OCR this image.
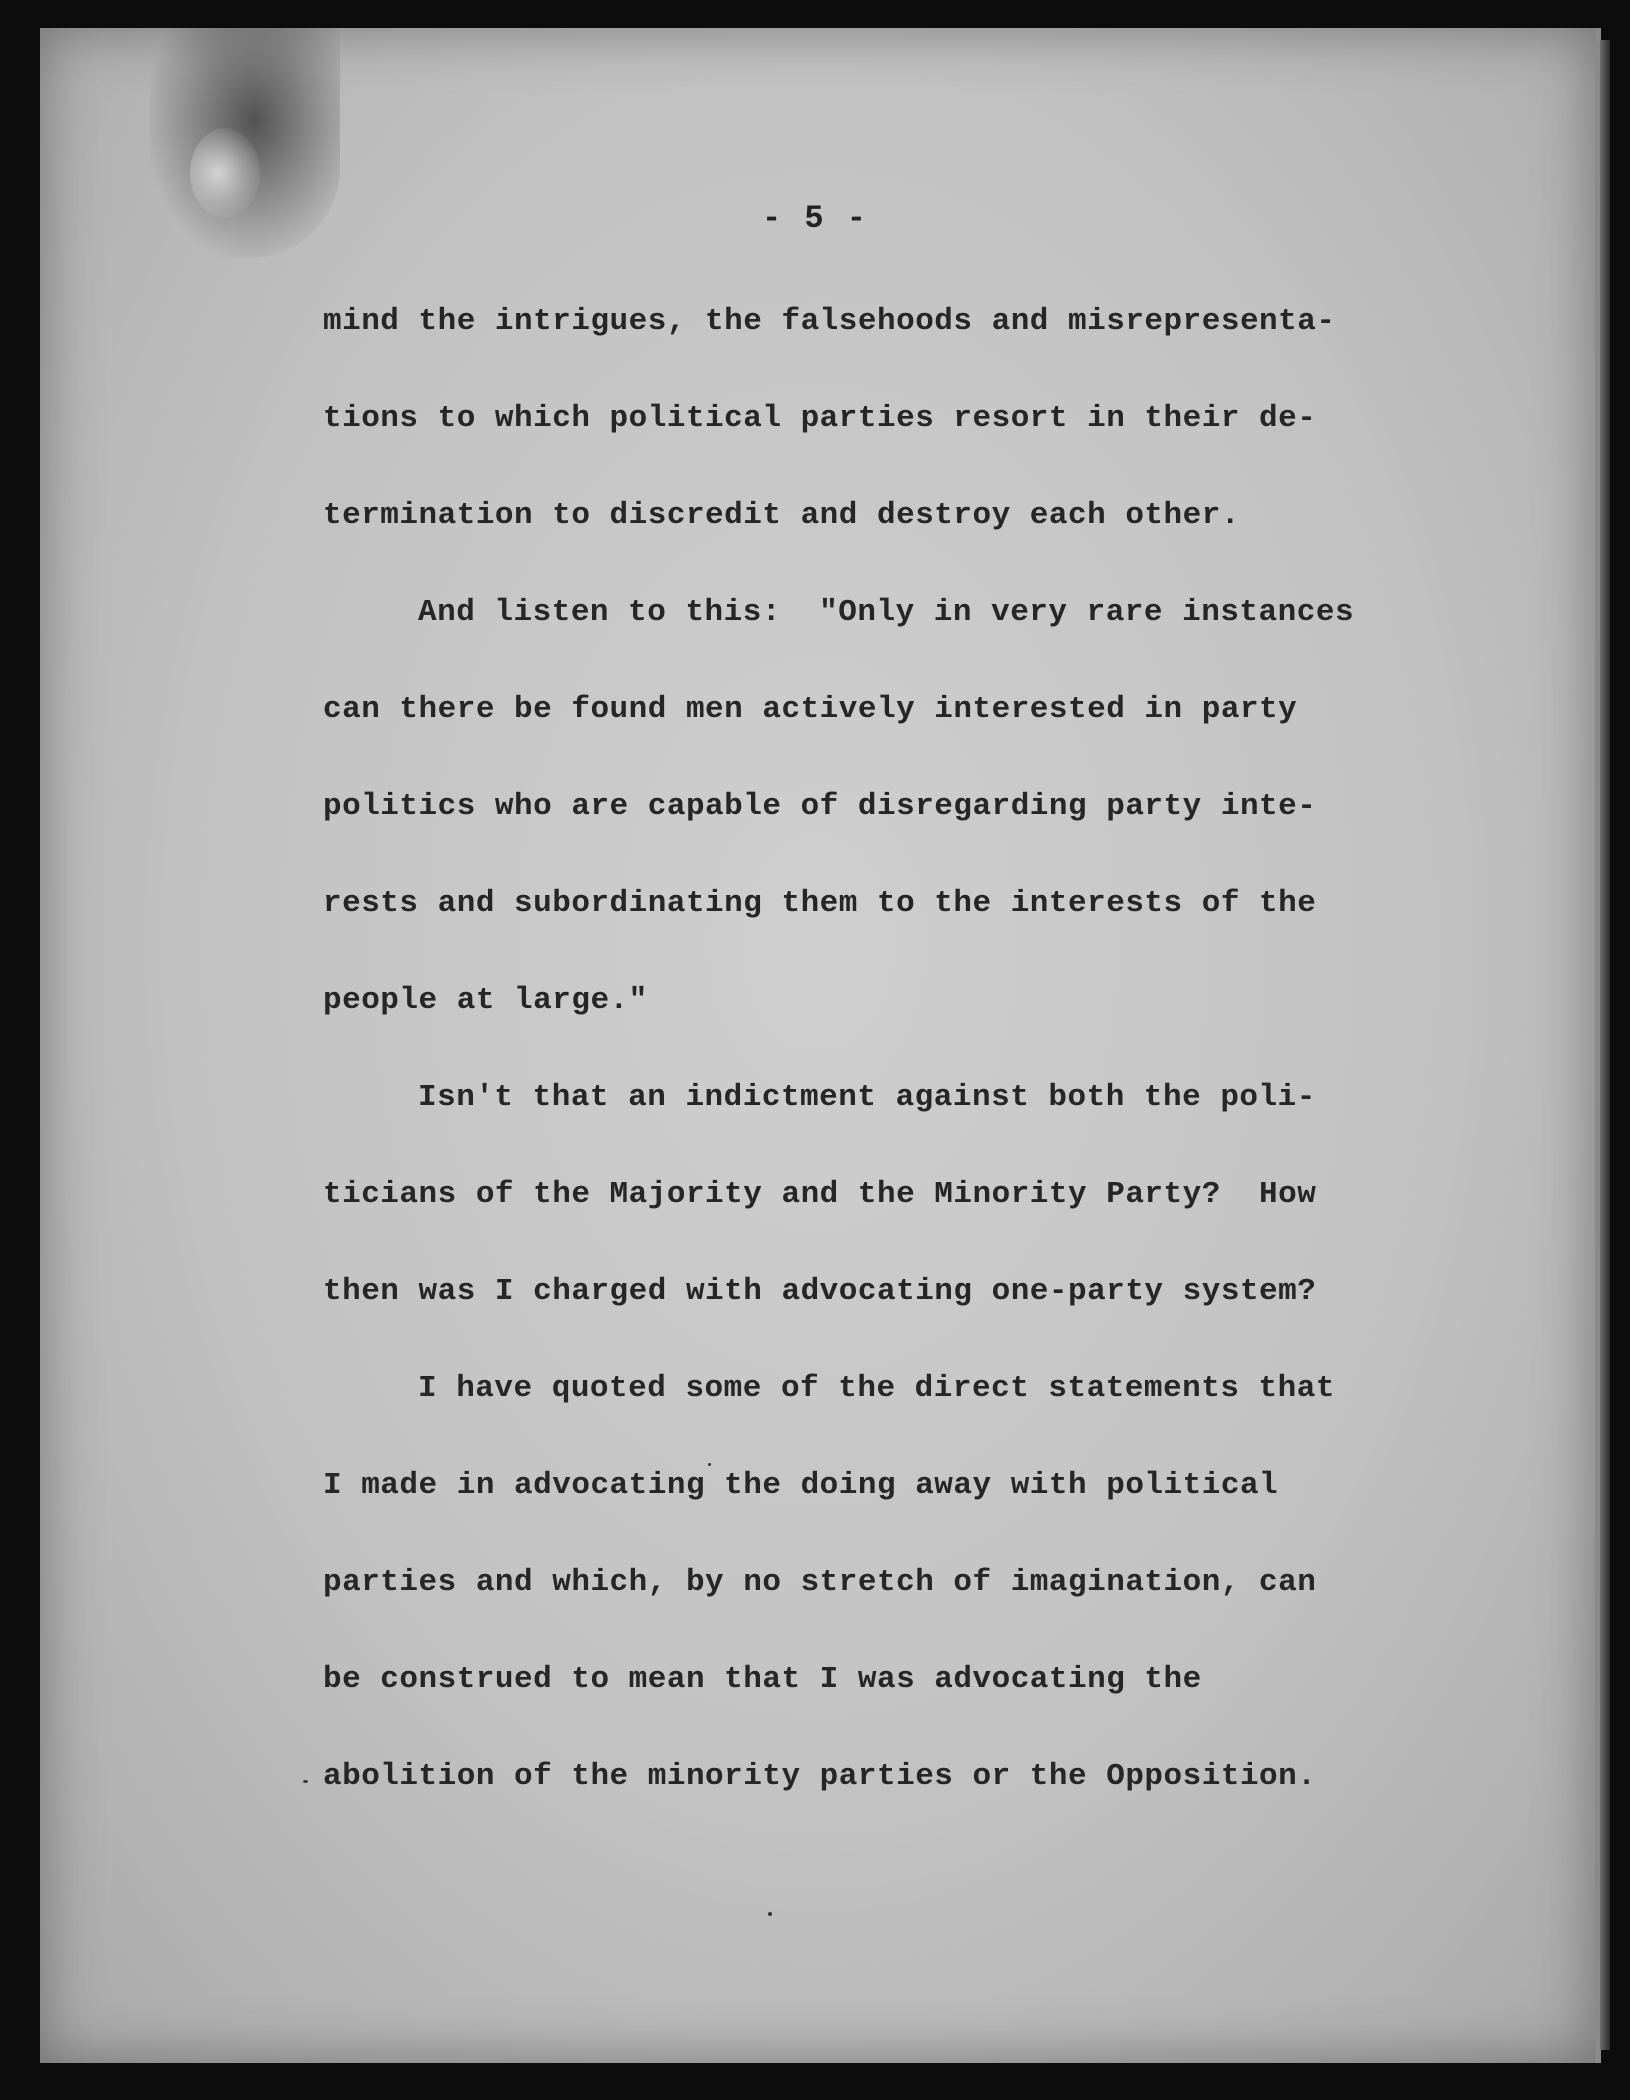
- 5 -
mind the intrigues, the falsehoods and misrepresenta-
tions to which political parties resort in their de-
termination to discredit and destroy each other.
And listen to this:  "Only in very rare instances
can there be found men actively interested in party
politics who are capable of disregarding party inte-
rests and subordinating them to the interests of the
people at large."
Isn't that an indictment against both the poli-
ticians of the Majority and the Minority Party?  How
then was I charged with advocating one-party system?
I have quoted some of the direct statements that
I made in advocating the doing away with political
parties and which, by no stretch of imagination, can
be construed to mean that I was advocating the
abolition of the minority parties or the Opposition.
